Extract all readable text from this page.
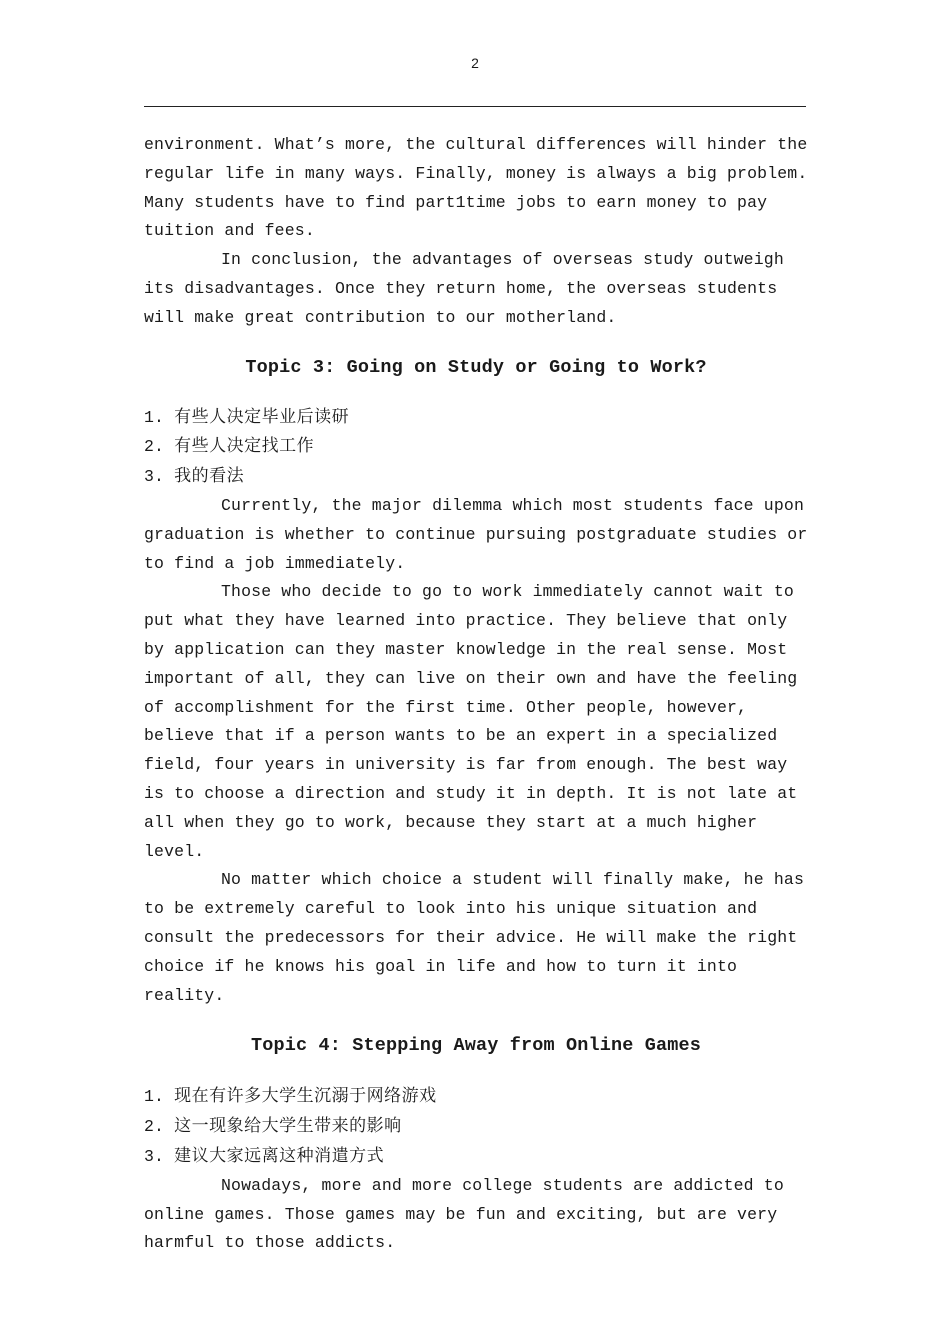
2

environment. What’s more, the cultural differences will hinder the regular life in many ways. Finally, money is always a big problem. Many students have to find part1time jobs to earn money to pay tuition and fees.

In conclusion, the advantages of overseas study outweigh its disadvantages. Once they return home, the overseas students will make great contribution to our motherland.

Topic 3: Going on Study or Going to Work?
1. 有些人决定毕业后读研
2. 有些人决定找工作
3. 我的看法

Currently, the major dilemma which most students face upon graduation is whether to continue pursuing postgraduate studies or to find a job immediately.

Those who decide to go to work immediately cannot wait to put what they have learned into practice. They believe that only by application can they master knowledge in the real sense. Most important of all, they can live on their own and have the feeling of accomplishment for the first time. Other people, however, believe that if a person wants to be an expert in a specialized field, four years in university is far from enough. The best way is to choose a direction and study it in depth. It is not late at all when they go to work, because they start at a much higher level.

No matter which choice a student will finally make, he has to be extremely careful to look into his unique situation and consult the predecessors for their advice. He will make the right choice if he knows his goal in life and how to turn it into reality.

Topic 4: Stepping Away from Online Games
1. 现在有许多大学生沉溺于网络游戏
2. 这一现象给大学生带来的影响
3. 建议大家远离这种消遣方式

Nowadays, more and more college students are addicted to online games. Those games may be fun and exciting, but are very harmful to those addicts.
